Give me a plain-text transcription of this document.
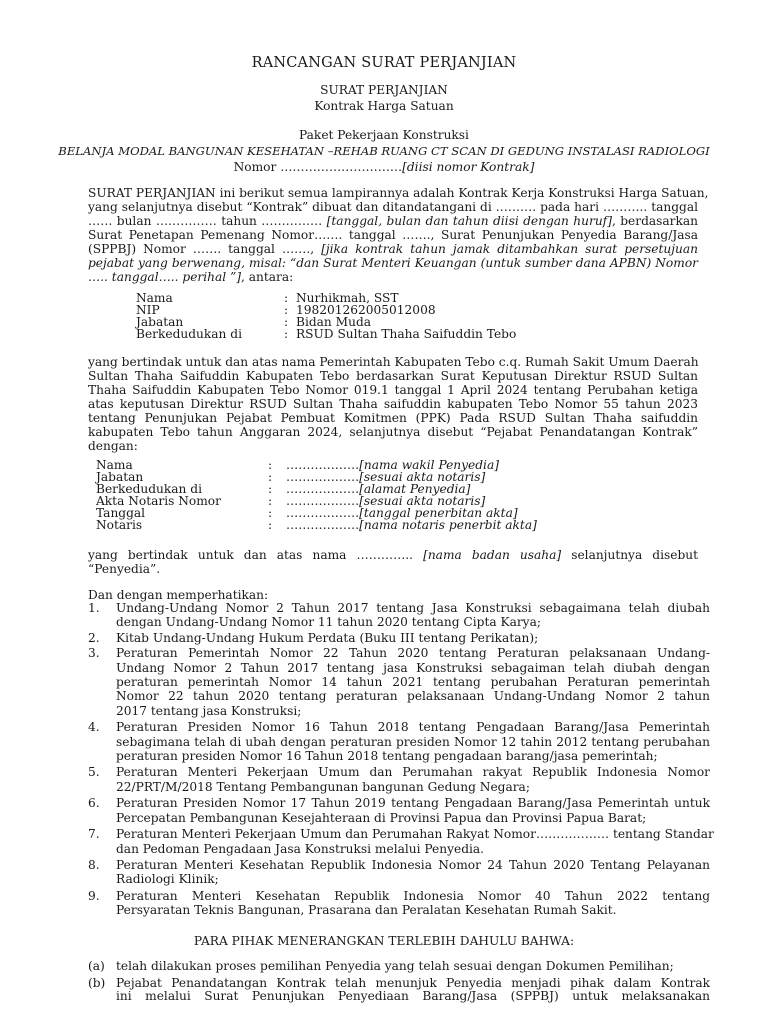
RANCANGAN SURAT PERJANJIAN
SURAT PERJANJIAN
Kontrak Harga Satuan
Paket Pekerjaan Konstruksi
BELANJA MODAL BANGUNAN KESEHATAN –REHAB RUANG CT SCAN DI GEDUNG INSTALASI RADIOLOGI
Nomor …………………………[diisi nomor Kontrak]
SURAT PERJANJIAN ini berikut semua lampirannya adalah Kontrak Kerja Konstruksi Harga Satuan,
yang selanjutnya disebut “Kontrak” dibuat dan ditandatangani di ………. pada hari ……….. tanggal
…… bulan …………… tahun …………… [tanggal, bulan dan tahun diisi dengan huruf], berdasarkan
Surat Penetapan Pemenang Nomor……. tanggal ……., Surat Penunjukan Penyedia Barang/Jasa
(SPPBJ) Nomor ……. tanggal ……., [jika kontrak tahun jamak ditambahkan surat persetujuan
pejabat yang berwenang, misal: “dan Surat Menteri Keuangan (untuk sumber dana APBN) Nomor
….. tanggal….. perihal ”], antara:
Nama	: Nurhikmah, SST
NIP	: 198201262005012008
Jabatan	: Bidan Muda
Berkedudukan di	: RSUD Sultan Thaha Saifuddin Tebo
yang bertindak untuk dan atas nama Pemerintah Kabupaten Tebo c.q. Rumah Sakit Umum Daerah
Sultan Thaha Saifuddin Kabupaten Tebo berdasarkan Surat Keputusan Direktur RSUD Sultan
Thaha Saifuddin Kabupaten Tebo Nomor 019.1 tanggal 1 April 2024 tentang Perubahan ketiga
atas keputusan Direktur RSUD Sultan Thaha saifuddin kabupaten Tebo Nomor 55 tahun 2023
tentang Penunjukan Pejabat Pembuat Komitmen (PPK) Pada RSUD Sultan Thaha saifuddin
kabupaten Tebo tahun Anggaran 2024, selanjutnya disebut “Pejabat Penandatangan Kontrak”
dengan:
Nama	:	……………… [nama wakil Penyedia]
Jabatan	:	……………… [sesuai akta notaris]
Berkedudukan di	:	……………… [alamat Penyedia]
Akta Notaris Nomor	:	……………… [sesuai akta notaris]
Tanggal	:	……………… [tanggal penerbitan akta]
Notaris	:	……………… [nama notaris penerbit akta]
yang bertindak untuk dan atas nama ………….. [nama badan usaha] selanjutnya disebut
“Penyedia”.
Dan dengan memperhatikan:
1.	Undang-Undang Nomor 2 Tahun 2017 tentang Jasa Konstruksi sebagaimana telah diubah
dengan Undang-Undang Nomor 11 tahun 2020 tentang Cipta Karya;
2.	Kitab Undang-Undang Hukum Perdata (Buku III tentang Perikatan);
3.	Peraturan Pemerintah Nomor 22 Tahun 2020 tentang Peraturan pelaksanaan Undang-
Undang Nomor 2 Tahun 2017 tentang jasa Konstruksi sebagaiman telah diubah dengan
peraturan pemerintah Nomor 14 tahun 2021 tentang perubahan Peraturan pemerintah
Nomor 22 tahun 2020 tentang peraturan pelaksanaan Undang-Undang Nomor 2 tahun
2017 tentang jasa Konstruksi;
4.	Peraturan Presiden Nomor 16 Tahun 2018 tentang Pengadaan Barang/Jasa Pemerintah
sebagimana telah di ubah dengan peraturan presiden Nomor 12 tahin 2012 tentang perubahan
peraturan presiden Nomor 16 Tahun 2018 tentang pengadaan barang/jasa pemerintah;
5.	Peraturan Menteri Pekerjaan Umum dan Perumahan rakyat Republik Indonesia Nomor
22/PRT/M/2018 Tentang Pembangunan bangunan Gedung Negara;
6.	Peraturan Presiden Nomor 17 Tahun 2019 tentang Pengadaan Barang/Jasa Pemerintah untuk
Percepatan Pembangunan Kesejahteraan di Provinsi Papua dan Provinsi Papua Barat;
7.	Peraturan Menteri Pekerjaan Umum dan Perumahan Rakyat Nomor……………… tentang Standar
dan Pedoman Pengadaan Jasa Konstruksi melalui Penyedia.
8.	Peraturan Menteri Kesehatan Republik Indonesia Nomor 24 Tahun 2020 Tentang Pelayanan
Radiologi Klinik;
9.	Peraturan Menteri Kesehatan Republik Indonesia Nomor 40 Tahun 2022 tentang
Persyaratan Teknis Bangunan, Prasarana dan Peralatan Kesehatan Rumah Sakit.
PARA PIHAK MENERANGKAN TERLEBIH DAHULU BAHWA:
(a) telah dilakukan proses pemilihan Penyedia yang telah sesuai dengan Dokumen Pemilihan;
(b) Pejabat Penandatangan Kontrak telah menunjuk Penyedia menjadi pihak dalam Kontrak
ini melalui Surat Penunjukan Penyediaan Barang/Jasa (SPPBJ) untuk melaksanakan
